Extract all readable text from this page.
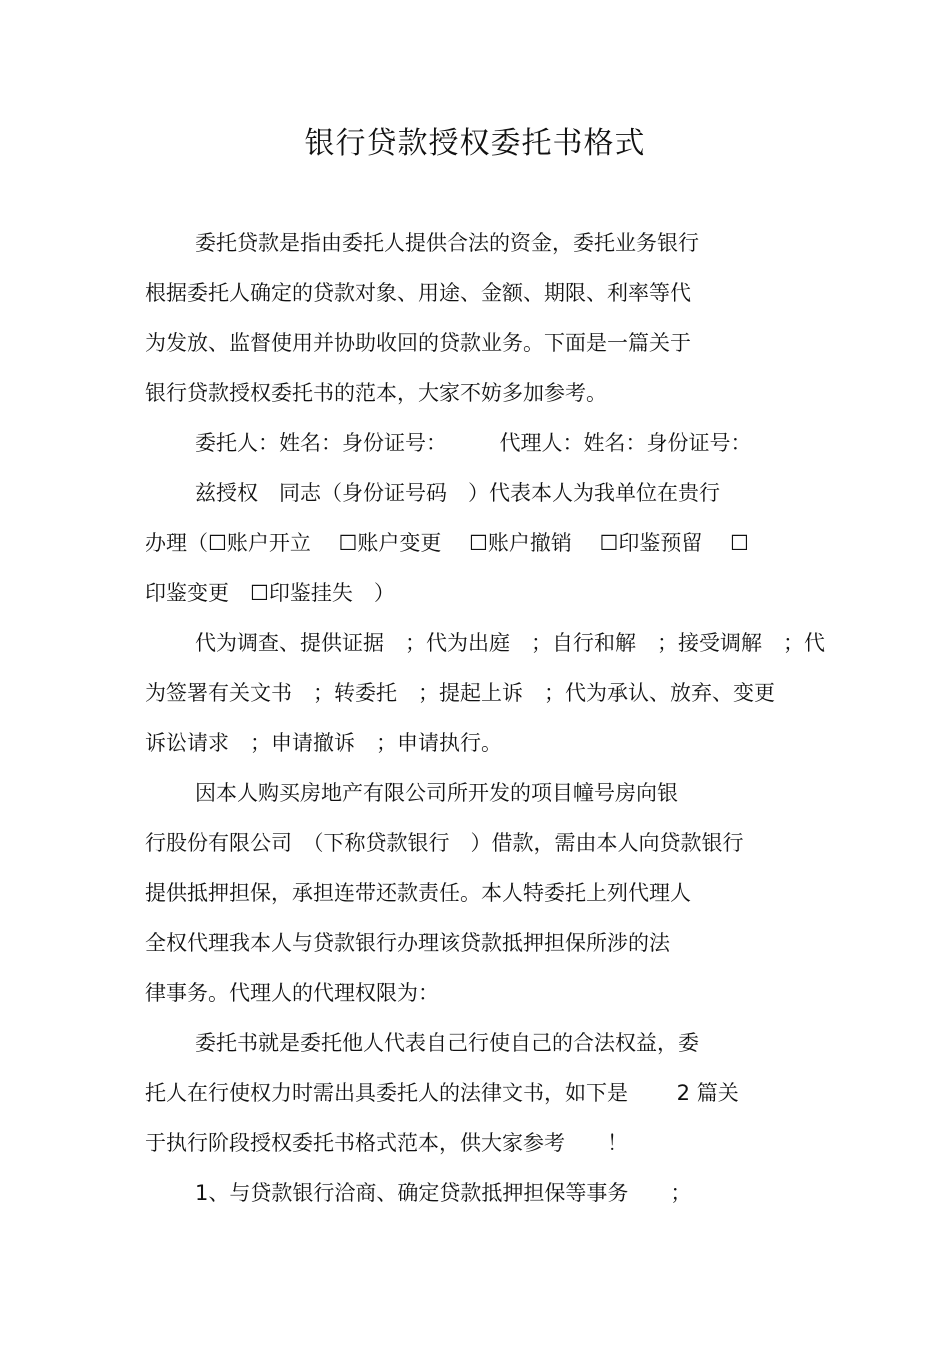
银行贷款授权委托书格式
委托贷款是指由委托人提供合法的资金，委托业务银行
根据委托人确定的贷款对象、用途、金额、期限、利率等代
为发放、监督使用并协助收回的贷款业务。下面是一篇关于
银行贷款授权委托书的范本，大家不妨多加参考。
委托人：姓名：身份证号：　　　代理人：姓名：身份证号：
兹授权　同志（身份证号码　）代表本人为我单位在贵行
办理（☐账户开立　 ☐账户变更　 ☐账户撤销　 ☐印鉴预留　 ☐
印鉴变更　☐印鉴挂失　）
代为调查、提供证据　；代为出庭　；自行和解　；接受调解　；代
为签署有关文书　；转委托　；提起上诉　；代为承认、放弃、变更
诉讼请求　；申请撤诉　；申请执行。
因本人购买房地产有限公司所开发的项目幢号房向银
行股份有限公司　（下称贷款银行　）借款，需由本人向贷款银行
提供抵押担保，承担连带还款责任。本人特委托上列代理人
全权代理我本人与贷款银行办理该贷款抵押担保所涉的法
律事务。代理人的代理权限为：
委托书就是委托他人代表自己行使自己的合法权益，委
托人在行使权力时需出具委托人的法律文书，如下是　　 2 篇关
于执行阶段授权委托书格式范本，供大家参考　　！
1、与贷款银行洽商、确定贷款抵押担保等事务　　；
